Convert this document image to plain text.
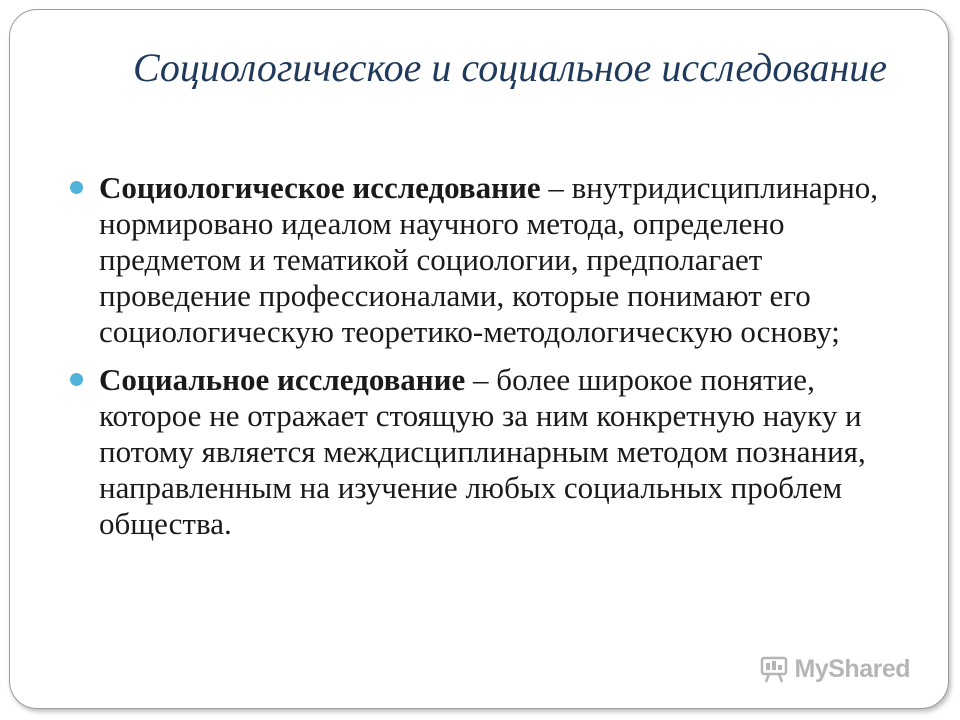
Социологическое и социальное исследование
Социологическое исследование – внутридисциплинарно, нормировано идеалом научного метода, определено предметом и тематикой социологии, предполагает проведение профессионалами, которые понимают его социологическую теоретико-методологическую основу;
Социальное исследование – более широкое понятие, которое не отражает стоящую за ним конкретную науку и потому является междисциплинарным методом познания, направленным на изучение любых социальных проблем общества.
MyShared
